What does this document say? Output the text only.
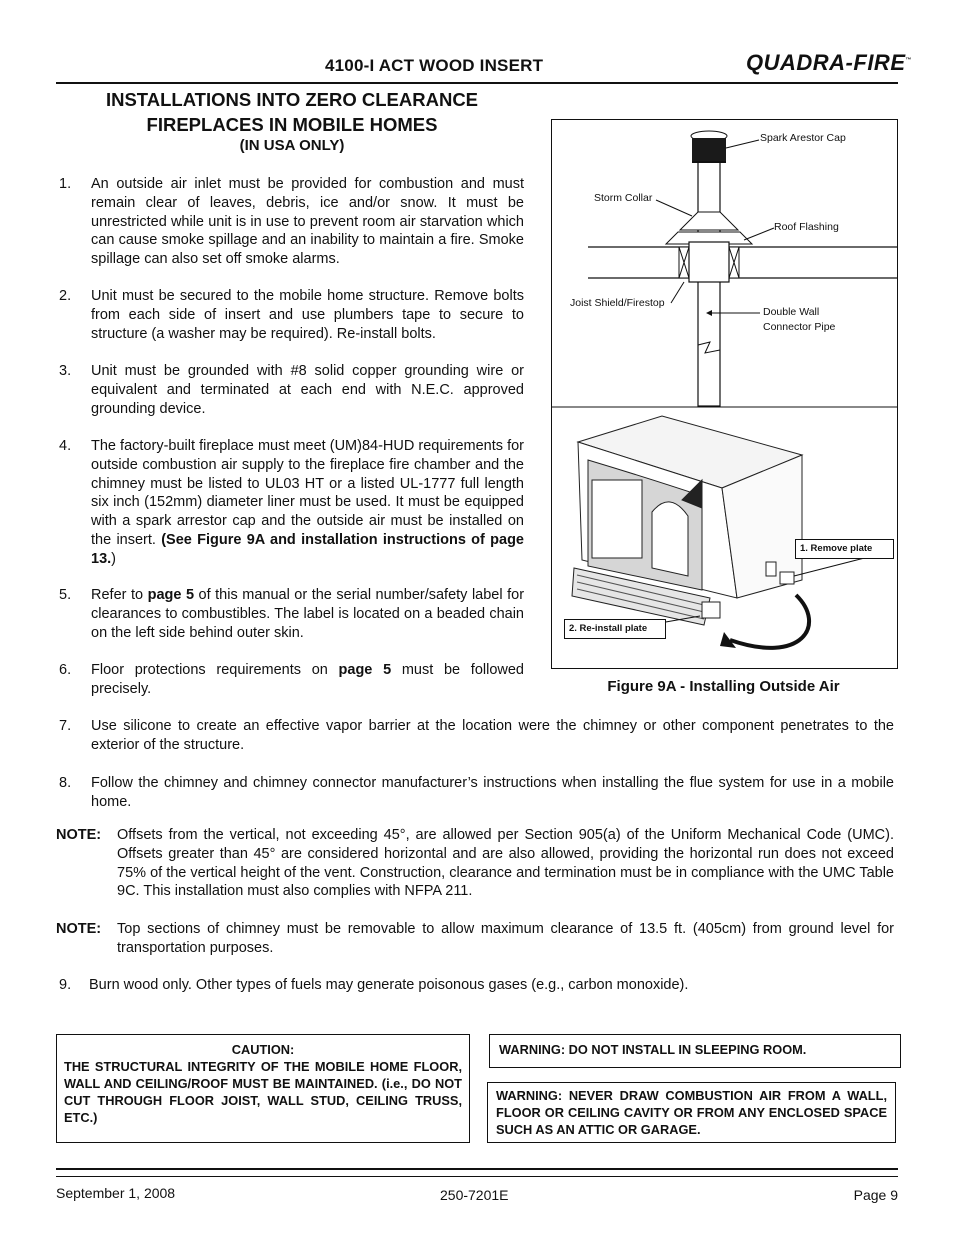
4100-I ACT WOOD INSERT	QUADRA-FIRE™
INSTALLATIONS INTO ZERO CLEARANCE
FIREPLACES IN MOBILE HOMES
(IN USA ONLY)
1. An outside air inlet must be provided for combustion and must remain clear of leaves, debris, ice and/or snow. It must be unrestricted while unit is in use to prevent room air starvation which can cause smoke spillage and an inability to maintain a fire. Smoke spillage can also set off smoke alarms.
2. Unit must be secured to the mobile home structure. Remove bolts from each side of insert and use plumbers tape to secure to structure (a washer may be required). Re-install bolts.
3. Unit must be grounded with #8 solid copper grounding wire or equivalent and terminated at each end with N.E.C. approved grounding device.
4. The factory-built fireplace must meet (UM)84-HUD requirements for outside combustion air supply to the fireplace fire chamber and the chimney must be listed to UL03 HT or a listed UL-1777 full length six inch (152mm) diameter liner must be used. It must be equipped with a spark arrestor cap and the outside air must be installed on the insert. (See Figure 9A and installation instructions of page 13.)
5. Refer to page 5 of this manual or the serial number/safety label for clearances to combustibles. The label is located on a beaded chain on the left side behind outer skin.
6. Floor protections requirements on page 5 must be followed precisely.
Spark Arestor Cap
Storm Collar
Roof Flashing
Joist Shield/Firestop
Double Wall
Connector Pipe
1. Remove plate
2. Re-install plate
Figure 9A - Installing Outside Air
7. Use silicone to create an effective vapor barrier at the location were the chimney or other component penetrates to the exterior of the structure.
8. Follow the chimney and chimney connector manufacturer’s instructions when installing the flue system for use in a mobile home.
NOTE:	Offsets from the vertical, not exceeding 45°, are allowed per Section 905(a) of the Uniform Mechanical Code (UMC). Offsets greater than 45° are considered horizontal and are also allowed, providing the horizontal run does not exceed 75% of the vertical height of the vent. Construction, clearance and termination must be in compliance with the UMC Table 9C. This installation must also complies with NFPA 211.
NOTE:	Top sections of chimney must be removable to allow maximum clearance of 13.5 ft. (405cm) from ground level for transportation purposes.
9. Burn wood only. Other types of fuels may generate poisonous gases (e.g., carbon monoxide).
CAUTION:
THE STRUCTURAL INTEGRITY OF THE MOBILE HOME FLOOR, WALL AND CEILING/ROOF MUST BE MAINTAINED. (i.e., DO NOT CUT THROUGH FLOOR JOIST, WALL STUD, CEILING TRUSS, ETC.)
WARNING: DO NOT INSTALL IN SLEEPING ROOM.
WARNING: NEVER DRAW COMBUSTION AIR FROM A WALL, FLOOR OR CEILING CAVITY OR FROM ANY ENCLOSED SPACE SUCH AS AN ATTIC OR GARAGE.
September 1, 2008	250-7201E	Page 9
